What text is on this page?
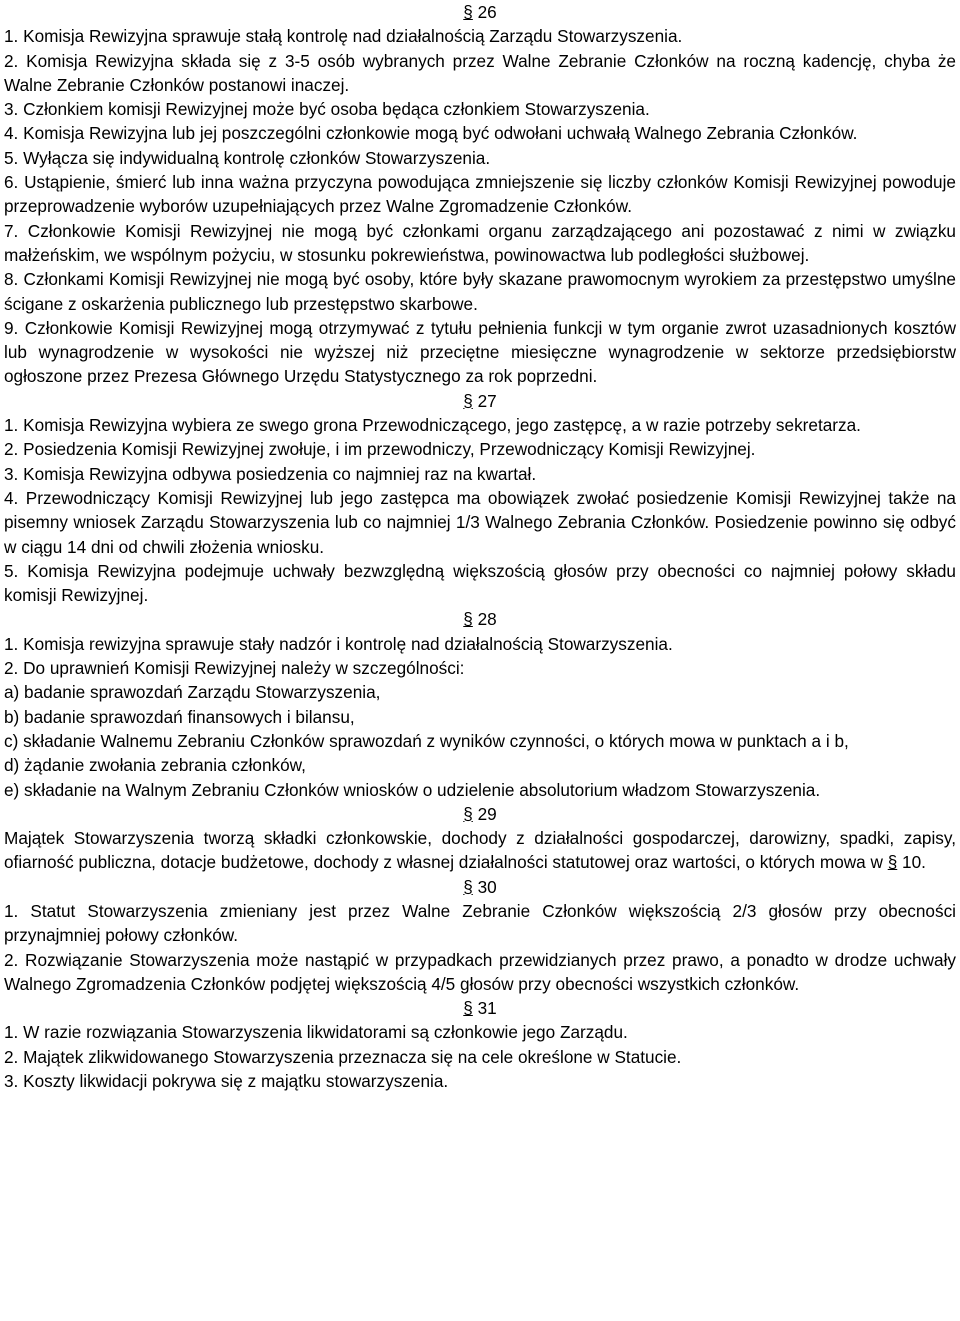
§ 26
1. Komisja Rewizyjna sprawuje stałą kontrolę nad działalnością Zarządu Stowarzyszenia.
2. Komisja Rewizyjna składa się z 3-5 osób wybranych przez Walne Zebranie Członków na roczną kadencję, chyba że Walne Zebranie Członków postanowi inaczej.
3. Członkiem komisji Rewizyjnej może być osoba będąca członkiem Stowarzyszenia.
4. Komisja Rewizyjna lub jej poszczególni członkowie mogą być odwołani uchwałą Walnego Zebrania Członków.
5. Wyłącza się indywidualną kontrolę członków Stowarzyszenia.
6. Ustąpienie, śmierć lub inna ważna przyczyna powodująca zmniejszenie się liczby członków Komisji Rewizyjnej powoduje przeprowadzenie wyborów uzupełniających przez Walne Zgromadzenie Członków.
7. Członkowie Komisji Rewizyjnej nie mogą być członkami organu zarządzającego ani pozostawać z nimi w związku małżeńskim, we wspólnym pożyciu, w stosunku pokrewieństwa, powinowactwa lub podległości służbowej.
8. Członkami Komisji Rewizyjnej nie mogą być osoby, które były skazane prawomocnym wyrokiem za przestępstwo umyślne ścigane z oskarżenia publicznego lub przestępstwo skarbowe.
9. Członkowie Komisji Rewizyjnej mogą otrzymywać z tytułu pełnienia funkcji w tym organie zwrot uzasadnionych kosztów lub wynagrodzenie w wysokości nie wyższej niż przeciętne miesięczne wynagrodzenie w sektorze przedsiębiorstw ogłoszone przez Prezesa Głównego Urzędu Statystycznego za rok poprzedni.
§ 27
1. Komisja Rewizyjna wybiera ze swego grona Przewodniczącego, jego zastępcę, a w razie potrzeby sekretarza.
2. Posiedzenia Komisji Rewizyjnej zwołuje, i im przewodniczy, Przewodniczący Komisji Rewizyjnej.
3. Komisja Rewizyjna odbywa posiedzenia co najmniej raz na kwartał.
4. Przewodniczący Komisji Rewizyjnej lub jego zastępca ma obowiązek zwołać posiedzenie Komisji Rewizyjnej także na pisemny wniosek Zarządu Stowarzyszenia lub co najmniej 1/3 Walnego Zebrania Członków. Posiedzenie powinno się odbyć w ciągu 14 dni od chwili złożenia wniosku.
5. Komisja Rewizyjna podejmuje uchwały bezwzględną większością głosów przy obecności co najmniej połowy składu komisji Rewizyjnej.
§ 28
1. Komisja rewizyjna sprawuje stały nadzór i kontrolę nad działalnością Stowarzyszenia.
2. Do uprawnień Komisji Rewizyjnej należy w szczególności:
a) badanie sprawozdań Zarządu Stowarzyszenia,
b) badanie sprawozdań finansowych i bilansu,
c) składanie Walnemu Zebraniu Członków sprawozdań z wyników czynności, o których mowa w punktach a i b,
d) żądanie zwołania zebrania członków,
e) składanie na Walnym Zebraniu Członków wniosków o udzielenie absolutorium władzom Stowarzyszenia.
§ 29
Majątek Stowarzyszenia tworzą składki członkowskie, dochody z działalności gospodarczej, darowizny, spadki, zapisy, ofiarność publiczna, dotacje budżetowe, dochody z własnej działalności statutowej oraz wartości, o których mowa w § 10.
§ 30
1. Statut Stowarzyszenia zmieniany jest przez Walne Zebranie Członków większością 2/3 głosów przy obecności przynajmniej połowy członków.
2. Rozwiązanie Stowarzyszenia może nastąpić w przypadkach przewidzianych przez prawo, a ponadto w drodze uchwały Walnego Zgromadzenia Członków podjętej większością 4/5 głosów przy obecności wszystkich członków.
§ 31
1. W razie rozwiązania Stowarzyszenia likwidatorami są członkowie jego Zarządu.
2. Majątek zlikwidowanego Stowarzyszenia przeznacza się na cele określone w Statucie.
3. Koszty likwidacji pokrywa się z majątku stowarzyszenia.
